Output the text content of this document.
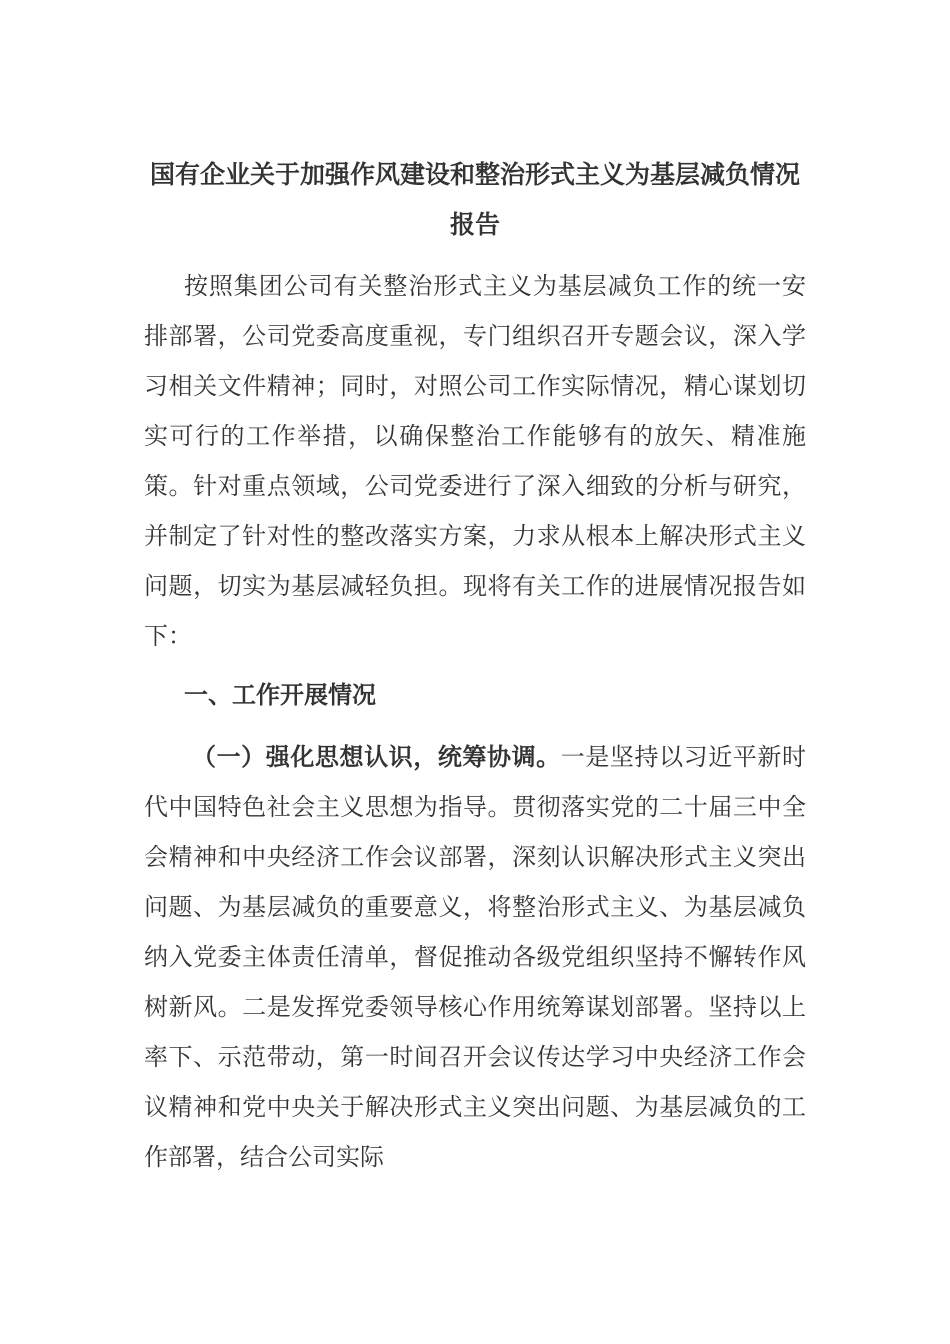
国有企业关于加强作风建设和整治形式主义为基层减负情况报告

按照集团公司有关整治形式主义为基层减负工作的统一安排部署，公司党委高度重视，专门组织召开专题会议，深入学习相关文件精神；同时，对照公司工作实际情况，精心谋划切实可行的工作举措，以确保整治工作能够有的放矢、精准施策。针对重点领域，公司党委进行了深入细致的分析与研究，并制定了针对性的整改落实方案，力求从根本上解决形式主义问题，切实为基层减轻负担。现将有关工作的进展情况报告如下：

一、工作开展情况

（一）强化思想认识，统筹协调。一是坚持以习近平新时代中国特色社会主义思想为指导。贯彻落实党的二十届三中全会精神和中央经济工作会议部署，深刻认识解决形式主义突出问题、为基层减负的重要意义，将整治形式主义、为基层减负纳入党委主体责任清单，督促推动各级党组织坚持不懈转作风树新风。二是发挥党委领导核心作用统筹谋划部署。坚持以上率下、示范带动，第一时间召开会议传达学习中央经济工作会议精神和党中央关于解决形式主义突出问题、为基层减负的工作部署，结合公司实际
